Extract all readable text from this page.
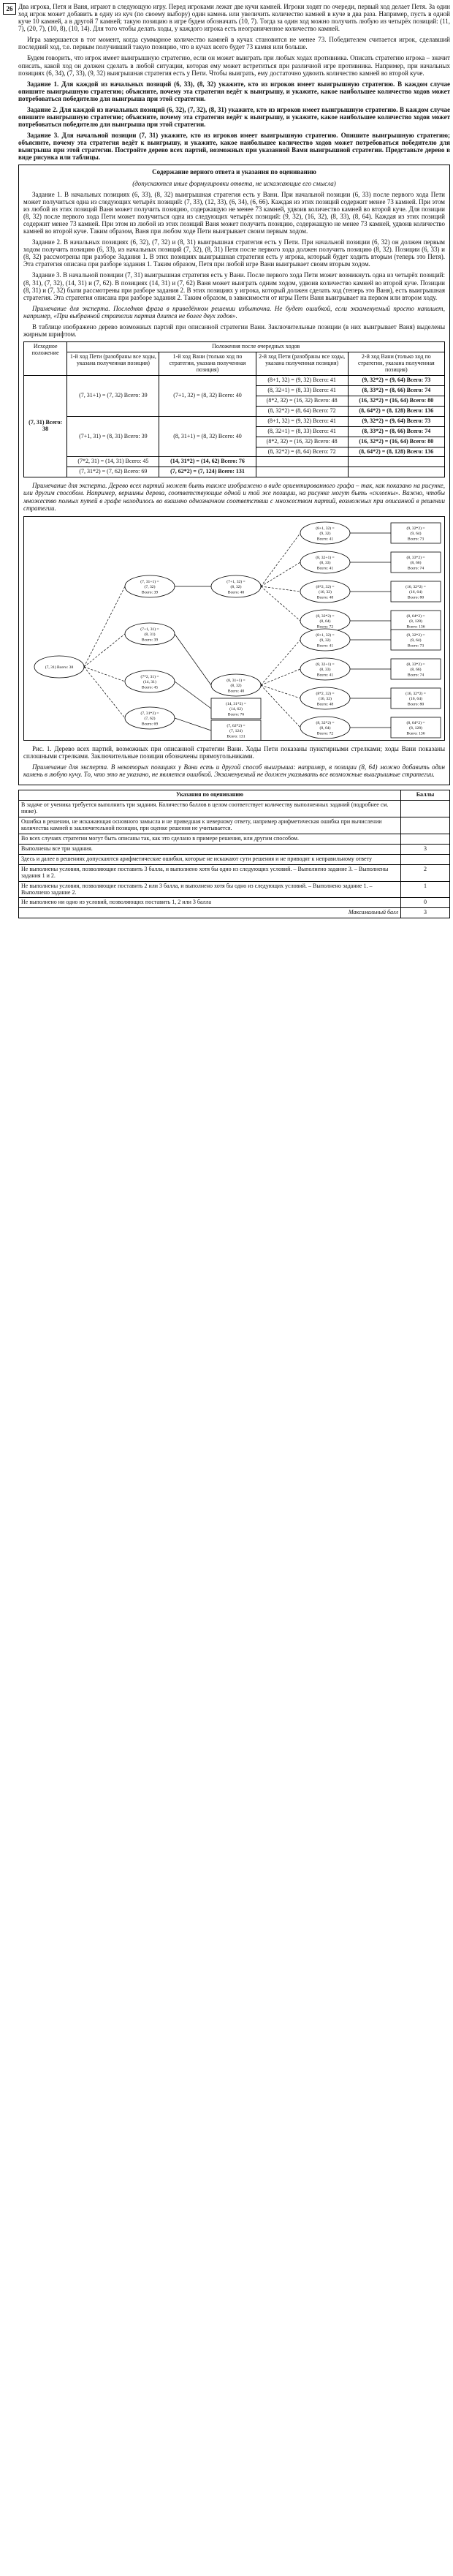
26 Два игрока, Петя и Ваня, играют в следующую игру. Перед игроками лежат две кучи камней. Игроки ходят по очереди, первый ход делает Петя. За один ход игрок может добавить в одну из куч (по своему выбору) один камень или увеличить количество камней в куче в два раза. Например, пусть в одной куче 10 камней, а в другой 7 камней; такую позицию в игре будем обозначать (10, 7). Тогда за один ход можно получить любую из четырёх позиций: (11, 7), (20, 7), (10, 8), (10, 14). Для того чтобы делать ходы, у каждого игрока есть неограниченное количество камней.

Игра завершается в тот момент, когда суммарное количество камней в кучах становится не менее 73. Победителем считается игрок, сделавший последний ход, т.е. первым получивший такую позицию, что в кучах всего будет 73 камня или больше.

Будем говорить, что игрок имеет выигрышную стратегию, если он может выиграть при любых ходах противника. Описать стратегию игрока – значит описать, какой ход он должен сделать в любой ситуации, которая ему может встретиться при различной игре противника. Например, при начальных позициях (6, 34), (7, 33), (9, 32) выигрышная стратегия есть у Пети. Чтобы выиграть, ему достаточно удвоить количество камней во второй куче.

Задание 1. Для каждой из начальных позиций (6, 33), (8, 32) укажите, кто из игроков имеет выигрышную стратегию. В каждом случае опишите выигрышную стратегию; объясните, почему эта стратегия ведёт к выигрышу, и укажите, какое наибольшее количество ходов может потребоваться победителю для выигрыша при этой стратегии.

Задание 2. Для каждой из начальных позиций (6, 32), (7, 32), (8, 31) укажите, кто из игроков имеет выигрышную стратегию. В каждом случае опишите выигрышную стратегию; объясните, почему эта стратегия ведёт к выигрышу, и укажите, какое наибольшее количество ходов может потребоваться победителю для выигрыша при этой стратегии.

Задание 3. Для начальной позиции (7, 31) укажите, кто из игроков имеет выигрышную стратегию. Опишите выигрышную стратегию; объясните, почему эта стратегия ведёт к выигрышу, и укажите, какое наибольшее количество ходов может потребоваться победителю для выигрыша при этой стратегии. Постройте дерево всех партий, возможных при указанной Вами выигрышной стратегии. Представьте дерево в виде рисунка или таблицы.

Содержание верного ответа и указания по оцениванию

(допускаются иные формулировки ответа, не искажающие его смысла)

Задание 1. В начальных позициях (6, 33), (8, 32) выигрышная стратегия есть у Вани. При начальной позиции (6, 33) после первого хода Пети может получиться одна из следующих четырёх позиций: (7, 33), (12, 33), (6, 34), (6, 66). Каждая из этих позиций содержит менее 73 камней. При этом из любой из этих позиций Ваня может получить позицию, содержащую не менее 73 камней, удвоив количество камней во второй куче. Для позиции (8, 32) после первого хода Пети может получиться одна из следующих четырёх позиций: (9, 32), (16, 32), (8, 33), (8, 64). Каждая из этих позиций содержит менее 73 камней. При этом из любой из этих позиций Ваня может получить позицию, содержащую не менее 73 камней, удвоив количество камней во второй куче. Таким образом, Ваня при любом ходе Пети выигрывает своим первым ходом.

Задание 2. В начальных позициях (6, 32), (7, 32) и (8, 31) выигрышная стратегия есть у Пети. При начальной позиции (6, 32) он должен первым ходом получить позицию (6, 33), из начальных позиций (7, 32), (8, 31) Петя после первого хода должен получить позицию (8, 32). Позиции (6, 33) и (8, 32) рассмотрены при разборе Задания 1. В этих позициях выигрышная стратегия есть у игрока, который будет ходить вторым (теперь это Петя). Эта стратегия описана при разборе задания 1. Таким образом, Петя при любой игре Вани выигрывает своим вторым ходом.

Задание 3. В начальной позиции (7, 31) выигрышная стратегия есть у Вани. После первого хода Пети может возникнуть одна из четырёх позиций: (8, 31), (7, 32), (14, 31) и (7, 62). В позициях (14, 31) и (7, 62) Ваня может выиграть одним ходом, удвоив количество камней во второй куче. Позиции (8, 31) и (7, 32) были рассмотрены при разборе задания 2. В этих позициях у игрока, который должен сделать ход (теперь это Ваня), есть выигрышная стратегия. Эта стратегия описана при разборе задания 2. Таким образом, в зависимости от игры Пети Ваня выигрывает на первом или втором ходу.

Примечание для эксперта. Последняя фраза в приведённом решении избыточна. Не будет ошибкой, если экзаменуемый просто напишет, например, «При выбранной стратегии партия длится не более двух ходов».

В таблице изображено дерево возможных партий при описанной стратегии Вани. Заключительные позиции (в них выигрывает Ваня) выделены жирным шрифтом.

Исходное положение	Положения после очередных ходов			
	1-й ход Пети (разобраны все ходы, указана полученная позиция)	1-й ход Вани (только ход по стратегии, указана полученная позиция)	2-й ход Пети (разобраны все ходы, указана полученная позиция)	2-й ход Вани (только ход по стратегии, указана полученная позиция)
(7, 31) Всего: 38	(7, 31+1) = (7, 32) Всего: 39	(7+1, 32) = (8, 32) Всего: 40	(8+1, 32) = (9, 32) Всего: 41	(9, 32*2) = (9, 64) Всего: 73
			(8, 32+1) = (8, 33) Всего: 41	(8, 33*2) = (8, 66) Всего: 74
			(8*2, 32) = (16, 32) Всего: 48	(16, 32*2) = (16, 64) Всего: 80
			(8, 32*2) = (8, 64) Всего: 72	(8, 64*2) = (8, 128) Всего: 136
	(7+1, 31) = (8, 31) Всего: 39	(8, 31+1) = (8, 32) Всего: 40	(8+1, 32) = (9, 32) Всего: 41	(9, 32*2) = (9, 64) Всего: 73
			(8, 32+1) = (8, 33) Всего: 41	(8, 33*2) = (8, 66) Всего: 74
			(8*2, 32) = (16, 32) Всего: 48	(16, 32*2) = (16, 64) Всего: 80
			(8, 32*2) = (8, 64) Всего: 72	(8, 64*2) = (8, 128) Всего: 136
	(7*2, 31) = (14, 31) Всего: 45	(14, 31*2) = (14, 62) Всего: 76		
	(7, 31*2) = (7, 62) Всего: 69	(7, 62*2) = (7, 124) Всего: 131		

Примечание для эксперта. Дерево всех партий может быть также изображено в виде ориентированного графа – так, как показано на рисунке, или другим способом. Например, вершины дерева, соответствующие одной и той же позиции, на рисунке могут быть «склеены». Важно, чтобы множество полных путей в графе находилось во взаимно однозначном соответствии с множеством партий, возможных при описанной в решении стратегии.

(7, 31) Всего: 38
(7, 31+1) =
(7, 32)
Всего: 39
(7+1, 31) =
(8, 31)
Всего: 39
(7*2, 31) =
(14, 31)
Всего: 45
(7, 31*2) =
(7, 62)
Всего: 69
(7+1, 32) =
(8, 32)
Всего: 40
(8, 31+1) =
(8, 32)
Всего: 40
(14, 31*2) =
(14, 62)
Всего: 76
(7, 62*2) =
(7, 124)
Всего: 131
(8+1, 32) =
(9, 32)
Всего: 41
(9, 32*2) =
(9, 64)
Всего: 73
(8, 32+1) =
(8, 33)
Всего: 41
(8, 33*2) =
(8, 66)
Всего: 74
(8*2, 32) =
(16, 32)
Всего: 48
(16, 32*2) =
(16, 64)
Всего: 80
(8, 32*2) =
(8, 64)
Всего: 72
(8, 64*2) =
(8, 128)
Всего: 136
(8+1, 32) =
(9, 32)
Всего: 41
(9, 32*2) =
(9, 64)
Всего: 73
(8, 32+1) =
(8, 33)
Всего: 41
(8, 33*2) =
(8, 66)
Всего: 74
(8*2, 32) =
(16, 32)
Всего: 48
(16, 32*2) =
(16, 64)
Всего: 80
(8, 32*2) =
(8, 64)
Всего: 72
(8, 64*2) =
(8, 128)
Всего: 136

Рис. 1. Дерево всех партий, возможных при описанной стратегии Вани. Ходы Пети показаны пунктирными стрелками; ходы Вани показаны сплошными стрелками. Заключительные позиции обозначены прямоугольниками.

Примечание для эксперта. В некоторых позициях у Вани есть и другой способ выигрыша: например, в позиции (8, 64) можно добавить один камень в любую кучу. То, что это не указано, не является ошибкой. Экзаменуемый не должен указывать все возможные выигрышные стратегии.

Указания по оцениванию	Баллы
В задаче от ученика требуется выполнить три задания. Количество баллов в целом соответствует количеству выполненных заданий (подробнее см. ниже).	
Ошибка в решении, не искажающая основного замысла и не приведшая к неверному ответу, например арифметическая ошибка при вычислении количества камней в заключительной позиции, при оценке решения не учитывается.	
Во всех случаях стратегии могут быть описаны так, как это сделано в примере решения, или другим способом.	
Выполнены все три задания.	3
Здесь и далее в решениях допускаются арифметические ошибки, которые не искажают сути решения и не приводят к неправильному ответу	
Не выполнены условия, позволяющие поставить 3 балла, и выполнено хотя бы одно из следующих условий. – Выполнено задание 3. – Выполнены задания 1 и 2.	2
Не выполнены условия, позволяющие поставить 2 или 3 балла, и выполнено хотя бы одно из следующих условий. – Выполнено задание 1. – Выполнено задание 2.	1
Не выполнено ни одно из условий, позволяющих поставить 1, 2 или 3 балла	0
Максимальный балл	3
